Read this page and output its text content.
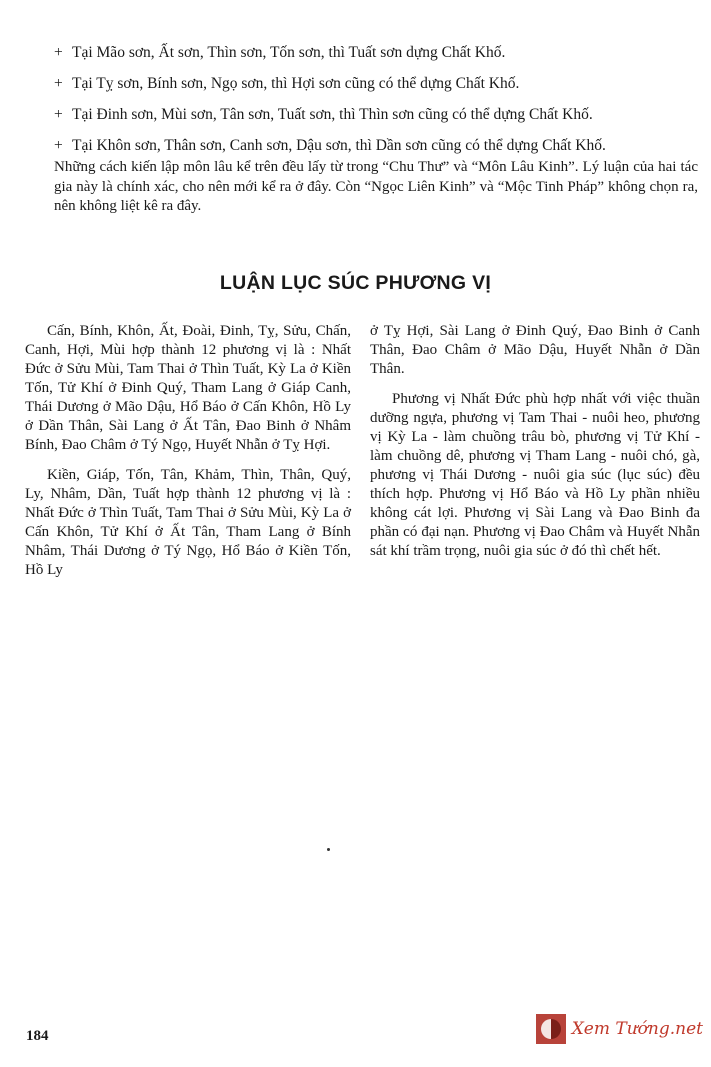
+ Tại Mão sơn, Ất sơn, Thìn sơn, Tốn sơn, thì Tuất sơn dựng Chất Khố.
+ Tại Tỵ sơn, Bính sơn, Ngọ sơn, thì Hợi sơn cũng có thể dựng Chất Khố.
+ Tại Đinh sơn, Mùi sơn, Tân sơn, Tuất sơn, thì Thìn sơn cũng có thể dựng Chất Khố.
+ Tại Khôn sơn, Thân sơn, Canh sơn, Dậu sơn, thì Dần sơn cũng có thể dựng Chất Khố.
Những cách kiến lập môn lâu kể trên đều lấy từ trong “Chu Thư” và “Môn Lâu Kinh”. Lý luận của hai tác gia này là chính xác, cho nên mới kể ra ở đây. Còn “Ngọc Liên Kinh” và “Mộc Tinh Pháp” không chọn ra, nên không liệt kê ra đây.
LUẬN LỤC SÚC PHƯƠNG VỊ

Cấn, Bính, Khôn, Ất, Đoài, Đinh, Tỵ, Sửu, Chấn, Canh, Hợi, Mùi hợp thành 12 phương vị là : Nhất Đức ở Sửu Mùi, Tam Thai ở Thìn Tuất, Kỳ La ở Kiền Tốn, Tử Khí ở Đinh Quý, Tham Lang ở Giáp Canh, Thái Dương ở Mão Dậu, Hổ Báo ở Cấn Khôn, Hồ Ly ở Dần Thân, Sài Lang ở Ất Tân, Đao Binh ở Nhâm Bính, Đao Châm ở Tý Ngọ, Huyết Nhẫn ở Tỵ Hợi.

Kiền, Giáp, Tốn, Tân, Khảm, Thìn, Thân, Quý, Ly, Nhâm, Dần, Tuất hợp thành 12 phương vị là : Nhất Đức ở Thìn Tuất, Tam Thai ở Sửu Mùi, Kỳ La ở Cấn Khôn, Tử Khí ở Ất Tân, Tham Lang ở Bính Nhâm, Thái Dương ở Tý Ngọ, Hổ Báo ở Kiền Tốn, Hồ Ly

ở Tỵ Hợi, Sài Lang ở Đinh Quý, Đao Binh ở Canh Thân, Đao Châm ở Mão Dậu, Huyết Nhẫn ở Dần Thân.

Phương vị Nhất Đức phù hợp nhất với việc thuần dưỡng ngựa, phương vị Tam Thai - nuôi heo, phương vị Kỳ La - làm chuồng trâu bò, phương vị Tử Khí - làm chuồng dê, phương vị Tham Lang - nuôi chó, gà, phương vị Thái Dương - nuôi gia súc (lục súc) đều thích hợp. Phương vị Hổ Báo và Hồ Ly phần nhiều không cát lợi. Phương vị Sài Lang và Đao Binh đa phần có đại nạn. Phương vị Đao Châm và Huyết Nhẫn sát khí trầm trọng, nuôi gia súc ở đó thì chết hết.

184	Xem Tướng.net
